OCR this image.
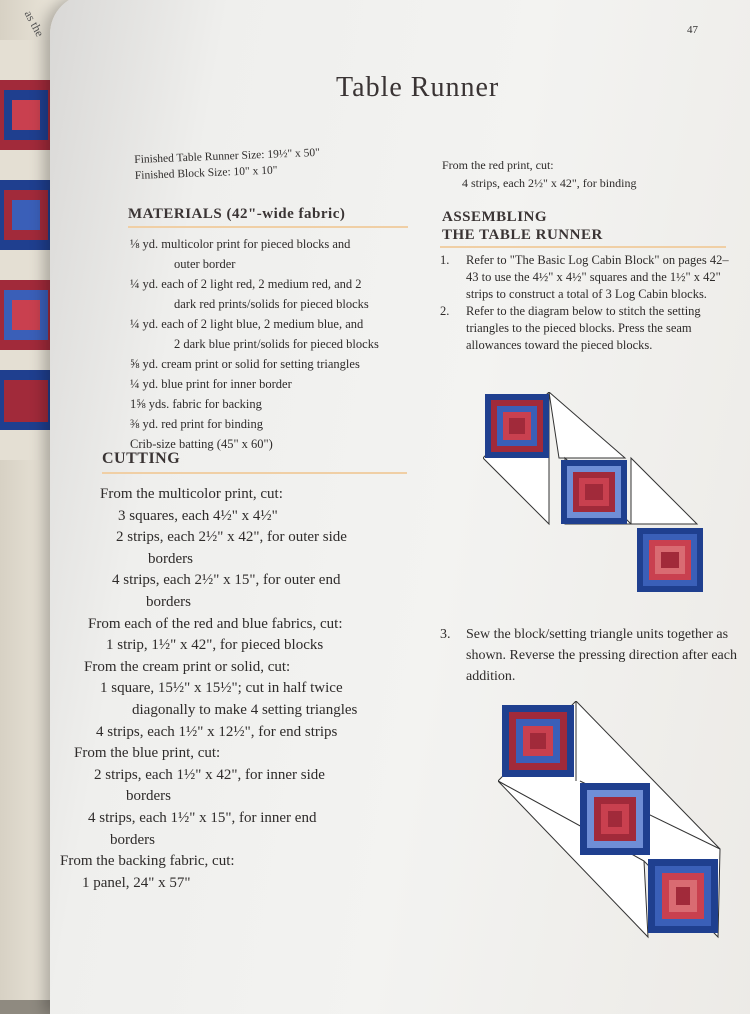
as the	47
Table Runner
Finished Table Runner Size: 19½" x 50"
Finished Block Size: 10" x 10"
MATERIALS (42"-wide fabric)
⅛ yd. multicolor print for pieced blocks and
outer border
¼ yd. each of 2 light red, 2 medium red, and 2
dark red prints/solids for pieced blocks
¼ yd. each of 2 light blue, 2 medium blue, and
2 dark blue print/solids for pieced blocks
⅝ yd. cream print or solid for setting triangles
¼ yd. blue print for inner border
1⅝ yds. fabric for backing
⅜ yd. red print for binding
Crib-size batting (45" x 60")
CUTTING
From the multicolor print, cut:
3 squares, each 4½" x 4½"
2 strips, each 2½" x 42", for outer side
borders
4 strips, each 2½" x 15", for outer end
borders
From each of the red and blue fabrics, cut:
1 strip, 1½" x 42", for pieced blocks
From the cream print or solid, cut:
1 square, 15½" x 15½"; cut in half twice
diagonally to make 4 setting triangles
4 strips, each 1½" x 12½", for end strips
From the blue print, cut:
2 strips, each 1½" x 42", for inner side
borders
4 strips, each 1½" x 15", for inner end
borders
From the backing fabric, cut:
1 panel, 24" x 57"
From the red print, cut:
4 strips, each 2½" x 42", for binding
ASSEMBLING
THE TABLE RUNNER
1.	Refer to "The Basic Log Cabin Block" on pages 42–43 to use the 4½" x 4½" squares and the 1½" x 42" strips to construct a total of 3 Log Cabin blocks.
2.	Refer to the diagram below to stitch the setting triangles to the pieced blocks. Press the seam allowances toward the pieced blocks.
3.	Sew the block/setting triangle units together as shown. Reverse the pressing direction after each addition.
